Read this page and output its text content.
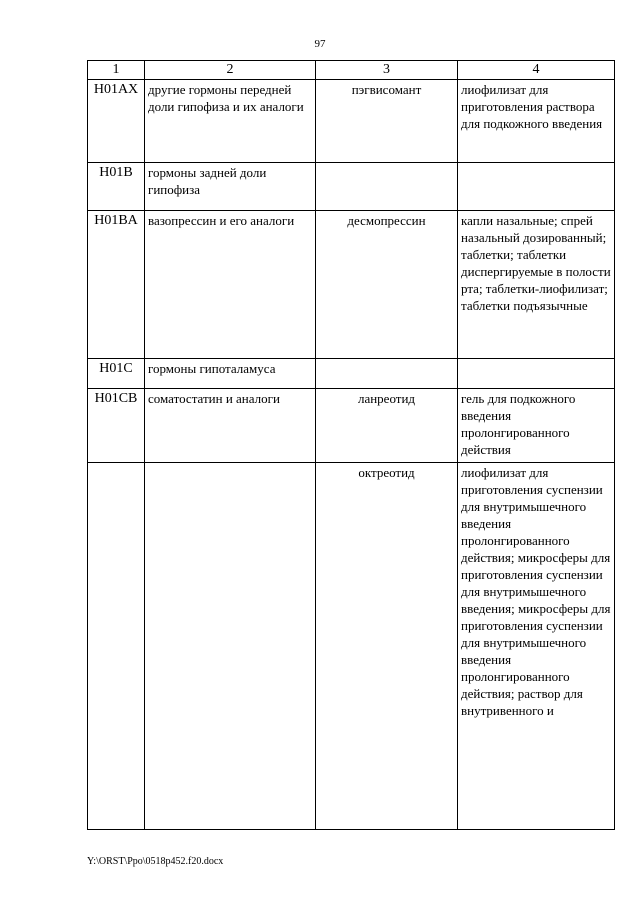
97
1	2	3	4
H01AX	другие гормоны передней доли гипофиза и их аналоги	пэгвисомант	лиофилизат для приготовления раствора для подкожного введения
H01B	гормоны задней доли гипофиза		
H01BA	вазопрессин и его аналоги	десмопрессин	капли назальные; спрей назальный дозированный; таблетки; таблетки диспергируемые в полости рта; таблетки-лиофилизат; таблетки подъязычные
H01C	гормоны гипоталамуса		
H01CB	соматостатин и аналоги	ланреотид	гель для подкожного введения пролонгированного действия
		октреотид	лиофилизат для приготовления суспензии для внутримышечного введения пролонгированного действия; микросферы для приготовления суспензии для внутримышечного введения; микросферы для приготовления суспензии для внутримышечного введения пролонгированного действия; раствор для внутривенного и
Y:\ORST\Ppo\0518p452.f20.docx
